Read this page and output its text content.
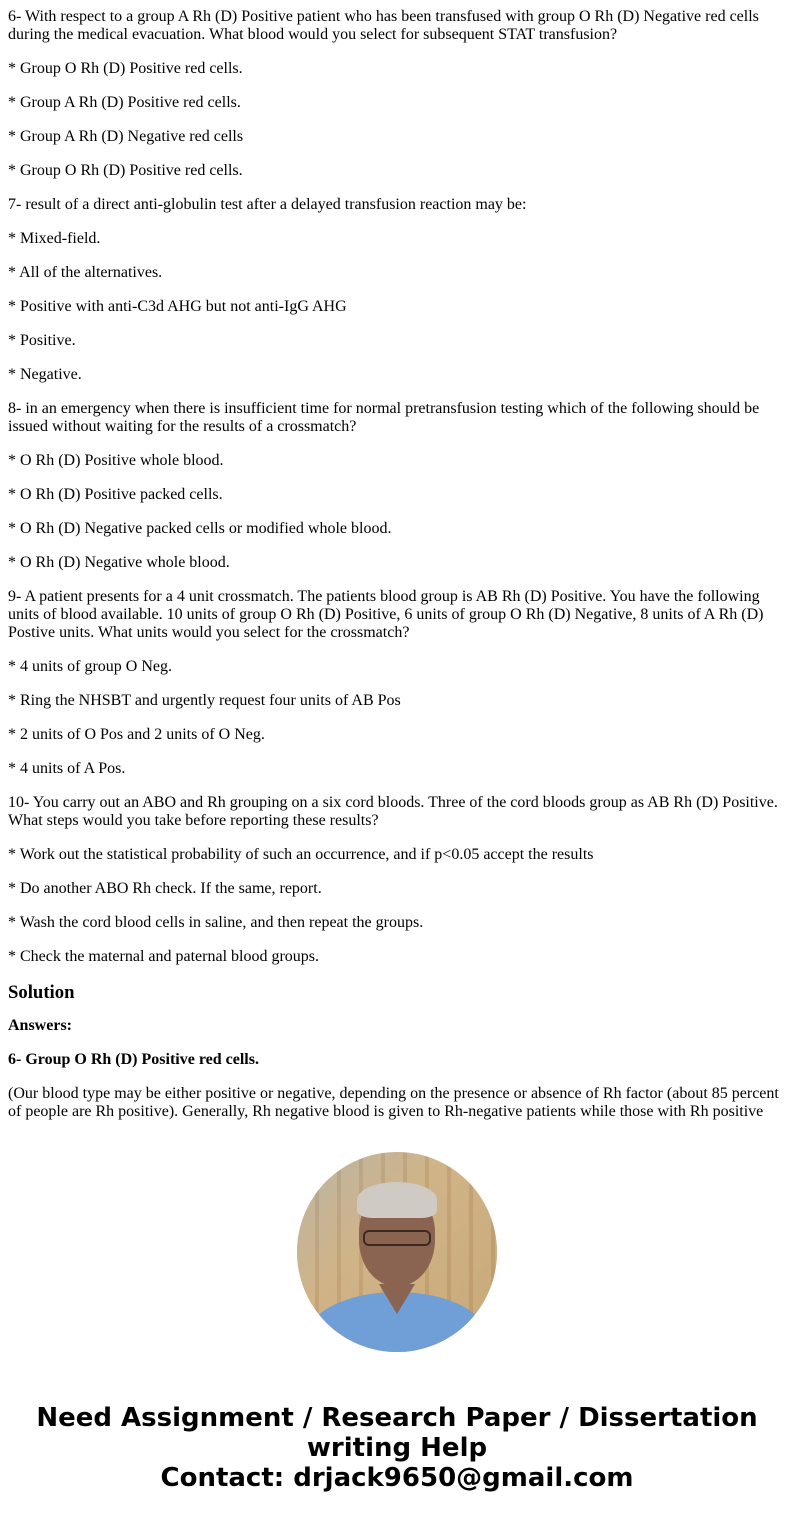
6- With respect to a group A Rh (D) Positive patient who has been transfused with group O Rh (D) Negative red cells during the medical evacuation. What blood would you select for subsequent STAT transfusion?

* Group O Rh (D) Positive red cells.

* Group A Rh (D) Positive red cells.

* Group A Rh (D) Negative red cells

* Group O Rh (D) Positive red cells.

7- result of a direct anti-globulin test after a delayed transfusion reaction may be:

* Mixed-field.

* All of the alternatives.

* Positive with anti-C3d AHG but not anti-IgG AHG

* Positive.

* Negative.

8- in an emergency when there is insufficient time for normal pretransfusion testing which of the following should be issued without waiting for the results of a crossmatch?

* O Rh (D) Positive whole blood.

* O Rh (D) Positive packed cells.

* O Rh (D) Negative packed cells or modified whole blood.

* O Rh (D) Negative whole blood.

9- A patient presents for a 4 unit crossmatch. The patients blood group is AB Rh (D) Positive. You have the following units of blood available. 10 units of group O Rh (D) Positive, 6 units of group O Rh (D) Negative, 8 units of A Rh (D) Postive units. What units would you select for the crossmatch?

* 4 units of group O Neg.

* Ring the NHSBT and urgently request four units of AB Pos

* 2 units of O Pos and 2 units of O Neg.

* 4 units of A Pos.

10- You carry out an ABO and Rh grouping on a six cord bloods. Three of the cord bloods group as AB Rh (D) Positive. What steps would you take before reporting these results?

* Work out the statistical probability of such an occurrence, and if p<0.05 accept the results

* Do another ABO Rh check. If the same, report.

* Wash the cord blood cells in saline, and then repeat the groups.

* Check the maternal and paternal blood groups.

Solution

Answers:

6- Group O Rh (D) Positive red cells.

(Our blood type may be either positive or negative, depending on the presence or absence of Rh factor (about 85 percent of people are Rh positive). Generally, Rh negative blood is given to Rh-negative patients while those with Rh positive

Need Assignment / Research Paper / Dissertation
writing Help
Contact: drjack9650@gmail.com
